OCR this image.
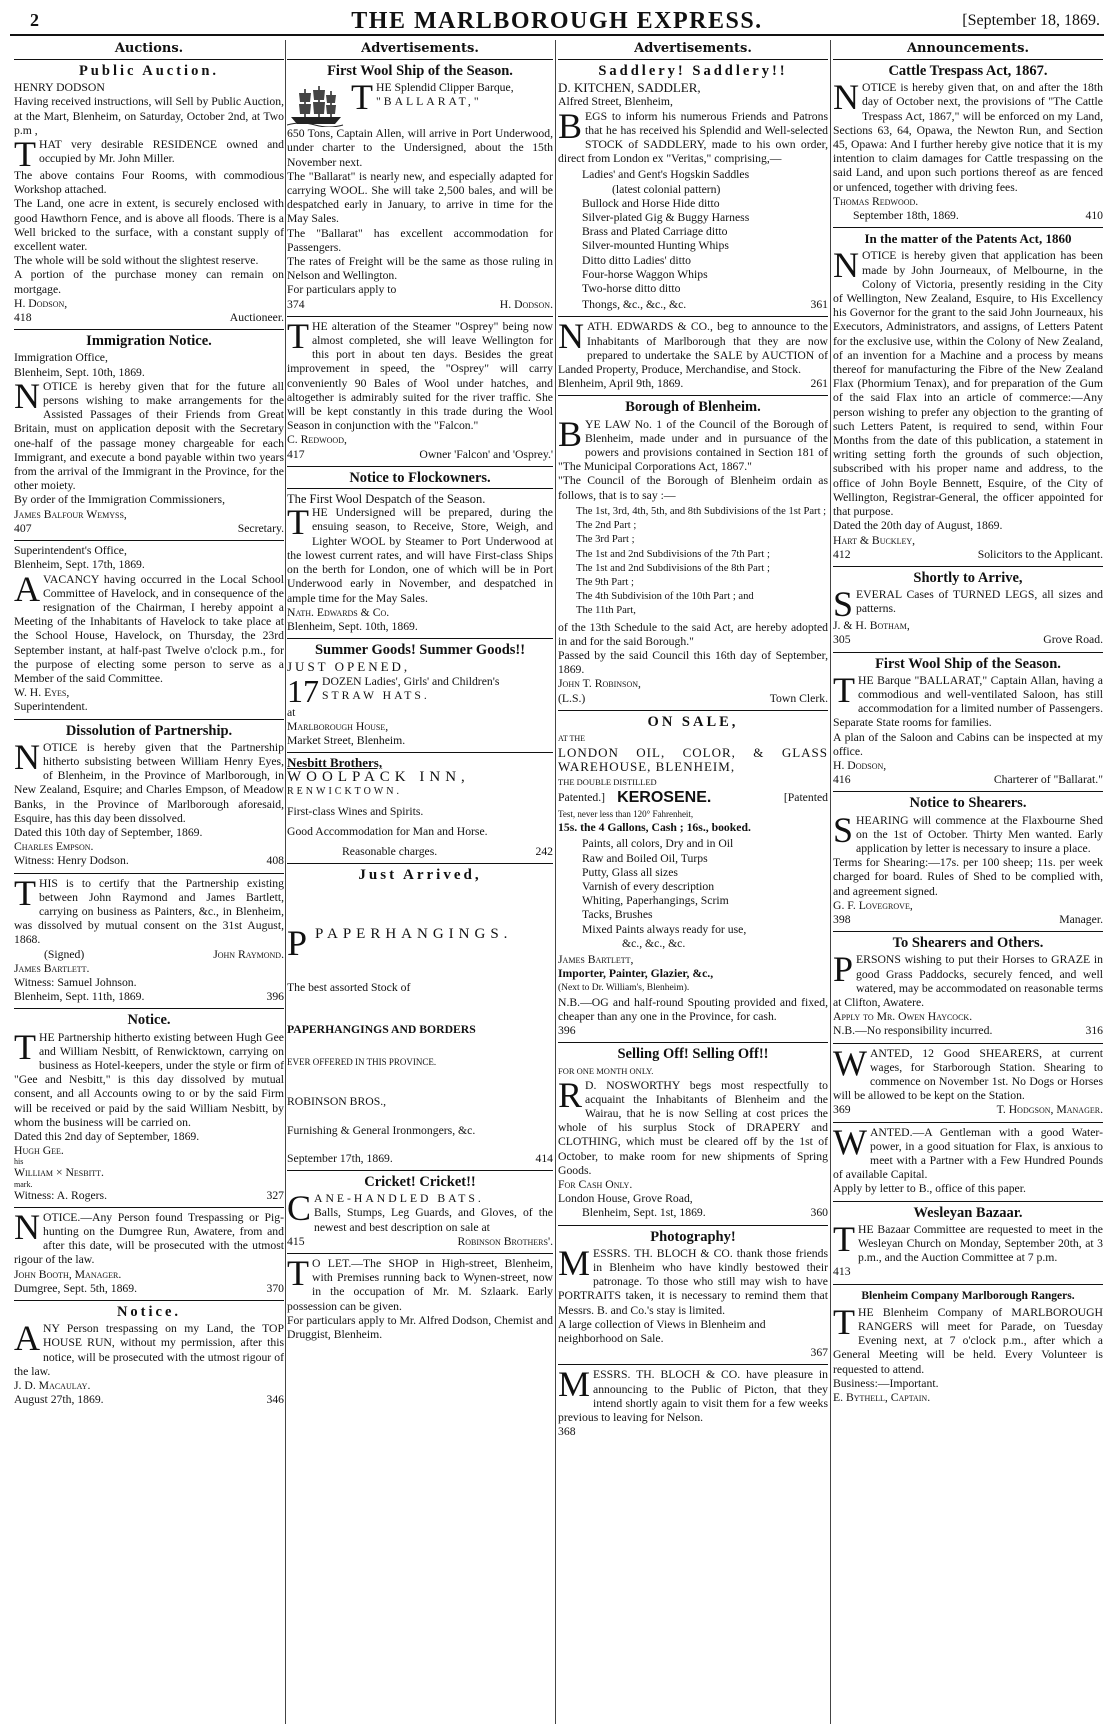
2	THE MARLBOROUGH EXPRESS.	[September 18, 1869.
Auctions.
Public Auction.

HENRY DODSON

Having received instructions, will Sell by Public Auction, at the Mart, Blenheim, on Saturday, October 2nd, at Two p.m ,

THAT very desirable RESIDENCE owned and occupied by Mr. John Miller.

The above contains Four Rooms, with commodious Workshop attached.

The Land, one acre in extent, is securely enclosed with good Hawthorn Fence, and is above all floods. There is a Well bricked to the surface, with a constant supply of excellent water.

The whole will be sold without the slightest reserve.

A portion of the purchase money can remain on mortgage.

H. Dodson,

418	Auctioneer.
Immigration Notice.

Immigration Office,

Blenheim, Sept. 10th, 1869.

NOTICE is hereby given that for the future all persons wishing to make arrangements for the Assisted Passages of their Friends from Great Britain, must on application deposit with the Secretary one-half of the passage money chargeable for each Immigrant, and execute a bond payable within two years from the arrival of the Immigrant in the Province, for the other moiety.

By order of the Immigration Commissioners,

James Balfour Wemyss,

407	Secretary.

Superintendent's Office,

Blenheim, Sept. 17th, 1869.

AVACANCY having occurred in the Local School Committee of Havelock, and in consequence of the resignation of the Chairman, I hereby appoint a Meeting of the Inhabitants of Havelock to take place at the School House, Havelock, on Thursday, the 23rd September instant, at half-past Twelve o'clock p.m., for the purpose of electing some person to serve as a Member of the said Committee.

W. H. Eyes,

Superintendent.

Dissolution of Partnership.

NOTICE is hereby given that the Partnership hitherto subsisting between William Henry Eyes, of Blenheim, in the Province of Marlborough, in New Zealand, Esquire; and Charles Empson, of Meadow Banks, in the Province of Marlborough aforesaid, Esquire, has this day been dissolved.

Dated this 10th day of September, 1869.

Charles Empson.

Witness: Henry Dodson.	408

THIS is to certify that the Partnership existing between John Raymond and James Bartlett, carrying on business as Painters, &c., in Blenheim, was dissolved by mutual consent on the 31st August, 1868.

(Signed)	John Raymond.

James Bartlett.

Witness: Samuel Johnson.

Blenheim, Sept. 11th, 1869.	396
Notice.

THE Partnership hitherto existing between Hugh Gee and William Nesbitt, of Renwicktown, carrying on business as Hotel-keepers, under the style or firm of "Gee and Nesbitt," is this day dissolved by mutual consent, and all Accounts owing to or by the said Firm will be received or paid by the said William Nesbitt, by whom the business will be carried on.

Dated this 2nd day of September, 1869.

Hugh Gee.

his

William × Nesbitt.

mark.

Witness: A. Rogers.	327

NOTICE.—Any Person found Trespassing or Pig-hunting on the Dumgree Run, Awatere, from and after this date, will be prosecuted with the utmost rigour of the law.

John Booth, Manager.

Dumgree, Sept. 5th, 1869.	370
Notice.

ANY Person trespassing on my Land, the TOP HOUSE RUN, without my permission, after this notice, will be prosecuted with the utmost rigour of the law.

J. D. Macaulay.

August 27th, 1869.	346
Advertisements.
First Wool Ship of the Season.

THE Splendid Clipper Barque,

"BALLARAT,"

650 Tons, Captain Allen, will arrive in Port Underwood, under charter to the Undersigned, about the 15th November next.

The "Ballarat" is nearly new, and especially adapted for carrying WOOL. She will take 2,500 bales, and will be despatched early in January, to arrive in time for the May Sales.

The "Ballarat" has excellent accommodation for Passengers.

The rates of Freight will be the same as those ruling in Nelson and Wellington.

For particulars apply to

374	H. Dodson.

THE alteration of the Steamer "Osprey" being now almost completed, she will leave Wellington for this port in about ten days. Besides the great improvement in speed, the "Osprey" will carry conveniently 90 Bales of Wool under hatches, and altogether is admirably suited for the river traffic. She will be kept constantly in this trade during the Wool Season in conjunction with the "Falcon."

C. Redwood,

417	Owner 'Falcon' and 'Osprey.'
Notice to Flockowners.

The First Wool Despatch of the Season.

THE Undersigned will be prepared, during the ensuing season, to Receive, Store, Weigh, and Lighter WOOL by Steamer to Port Underwood at the lowest current rates, and will have First-class Ships on the berth for London, one of which will be in Port Underwood early in November, and despatched in ample time for the May Sales.

Nath. Edwards & Co.

Blenheim, Sept. 10th, 1869.

Summer Goods! Summer Goods!!

JUST OPENED,

17 DOZEN Ladies', Girls' and Children's

STRAW HATS.

at

Marlborough House,

Market Street, Blenheim.

Nesbitt Brothers,

WOOLPACK INN,

RENWICKTOWN.

First-class Wines and Spirits.

Good Accommodation for Man and Horse.

Reasonable charges.	242
Just Arrived,

PPAPERHANGINGS.

The best assorted Stock of

PAPERHANGINGS AND BORDERS

EVER OFFERED IN THIS PROVINCE.

ROBINSON BROS.,

Furnishing & General Ironmongers, &c.

September 17th, 1869.	414
Cricket! Cricket!!

CANE-HANDLED BATS.

Balls, Stumps, Leg Guards, and Gloves, of the newest and best description on sale at

415	Robinson Brothers'.

T O LET.—The SHOP in High-street, Blenheim, with Premises running back to Wynen-street, now in the occupation of Mr. M. Szlaark. Early possession can be given.

For particulars apply to Mr. Alfred Dodson, Chemist and Druggist, Blenheim.

Advertisements.
Saddlery! Saddlery!!

D. KITCHEN, SADDLER,

Alfred Street, Blenheim,

BEGS to inform his numerous Friends and Patrons that he has received his Splendid and Well-selected STOCK of SADDLERY, made to his own order, direct from London ex "Veritas," comprising,—

Ladies' and Gent's Hogskin Saddles
(latest colonial pattern)
Bullock and Horse Hide ditto
Silver-plated Gig & Buggy Harness
Brass and Plated Carriage ditto
Silver-mounted Hunting Whips
Ditto ditto Ladies' ditto
Four-horse Waggon Whips
Two-horse ditto ditto
Thongs, &c., &c., &c.	361

NATH. EDWARDS & CO., beg to announce to the Inhabitants of Marlborough that they are now prepared to undertake the SALE by AUCTION of Landed Property, Produce, Merchandise, and Stock.

Blenheim, April 9th, 1869.	261
Borough of Blenheim.

BYE LAW No. 1 of the Council of the Borough of Blenheim, made under and in pursuance of the powers and provisions contained in Section 181 of "The Municipal Corporations Act, 1867."

"The Council of the Borough of Blenheim ordain as follows, that is to say :—

The 1st, 3rd, 4th, 5th, and 8th Subdivisions of the 1st Part ;
The 2nd Part ;
The 3rd Part ;
The 1st and 2nd Subdivisions of the 7th Part ;
The 1st and 2nd Subdivisions of the 8th Part ;
The 9th Part ;
The 4th Subdivision of the 10th Part ; and
The 11th Part,

of the 13th Schedule to the said Act, are hereby adopted in and for the said Borough."

Passed by the said Council this 16th day of September, 1869.

John T. Robinson,

(L.S.)	Town Clerk.
ON SALE,

AT THE

LONDON OIL, COLOR, & GLASS WAREHOUSE, BLENHEIM,

THE DOUBLE DISTILLED

Patented.] KEROSENE.	[Patented

Test, never less than 120° Fahrenheit,

15s. the 4 Gallons, Cash ; 16s., booked.

Paints, all colors, Dry and in Oil
Raw and Boiled Oil, Turps
Putty, Glass all sizes
Varnish of every description
Whiting, Paperhangings, Scrim
Tacks, Brushes
Mixed Paints always ready for use,
&c., &c., &c.

James Bartlett,

Importer, Painter, Glazier, &c.,

(Next to Dr. William's, Blenheim).

N.B.—OG and half-round Spouting provided and fixed, cheaper than any one in the Province, for cash.

396

Selling Off! Selling Off!!

FOR ONE MONTH ONLY.

R D. NOSWORTHY begs most respectfully to acquaint the Inhabitants of Blenheim and the Wairau, that he is now Selling at cost prices the whole of his surplus Stock of DRAPERY and CLOTHING, which must be cleared off by the 1st of October, to make room for new shipments of Spring Goods.

For Cash Only.

London House, Grove Road,

Blenheim, Sept. 1st, 1869.	360
Photography!

MESSRS. TH. BLOCH & CO. thank those friends in Blenheim who have kindly bestowed their patronage. To those who still may wish to have PORTRAITS taken, it is necessary to remind them that Messrs. B. and Co.'s stay is limited.

A large collection of Views in Blenheim and neighborhood on Sale.
367

MESSRS. TH. BLOCH & CO. have pleasure in announcing to the Public of Picton, that they intend shortly again to visit them for a few weeks previous to leaving for Nelson.

368

Announcements.
Cattle Trespass Act, 1867.

NOTICE is hereby given that, on and after the 18th day of October next, the provisions of "The Cattle Trespass Act, 1867," will be enforced on my Land, Sections 63, 64, Opawa, the Newton Run, and Section 45, Opawa: And I further hereby give notice that it is my intention to claim damages for Cattle trespassing on the said Land, and upon such portions thereof as are fenced or unfenced, together with driving fees.

Thomas Redwood.

September 18th, 1869.	410
In the matter of the Patents Act, 1860

NOTICE is hereby given that application has been made by John Journeaux, of Melbourne, in the Colony of Victoria, presently residing in the City of Wellington, New Zealand, Esquire, to His Excellency his Governor for the grant to the said John Journeaux, his Executors, Administrators, and assigns, of Letters Patent for the exclusive use, within the Colony of New Zealand, of an invention for a Machine and a process by means thereof for manufacturing the Fibre of the New Zealand Flax (Phormium Tenax), and for preparation of the Gum of the said Flax into an article of commerce:—Any person wishing to prefer any objection to the granting of such Letters Patent, is required to send, within Four Months from the date of this publication, a statement in writing setting forth the grounds of such objection, subscribed with his proper name and address, to the office of John Boyle Bennett, Esquire, of the City of Wellington, Registrar-General, the officer appointed for that purpose.

Dated the 20th day of August, 1869.

Hart & Buckley,

412	Solicitors to the Applicant.
Shortly to Arrive,

SEVERAL Cases of TURNED LEGS, all sizes and patterns.

J. & H. Botham,

305	Grove Road.
First Wool Ship of the Season.

THE Barque "BALLARAT," Captain Allan, having a commodious and well-ventilated Saloon, has still accommodation for a limited number of Passengers. Separate State rooms for families.

A plan of the Saloon and Cabins can be inspected at my office.

H. Dodson,

416	Charterer of "Ballarat."
Notice to Shearers.

SHEARING will commence at the Flaxbourne Shed on the 1st of October. Thirty Men wanted. Early application by letter is necessary to insure a place.

Terms for Shearing:—17s. per 100 sheep; 11s. per week charged for board. Rules of Shed to be complied with, and agreement signed.

G. F. Lovegrove,

398	Manager.
To Shearers and Others.

PERSONS wishing to put their Horses to GRAZE in good Grass Paddocks, securely fenced, and well watered, may be accommodated on reasonable terms at Clifton, Awatere.

Apply to Mr. Owen Haycock.

N.B.—No responsibility incurred.	316

WANTED, 12 Good SHEARERS, at current wages, for Starborough Station. Shearing to commence on November 1st. No Dogs or Horses will be allowed to be kept on the Station.

369	T. Hodgson, Manager.

WANTED.—A Gentleman with a good Water-power, in a good situation for Flax, is anxious to meet with a Partner with a Few Hundred Pounds of available Capital.

Apply by letter to B., office of this paper.

Wesleyan Bazaar.

THE Bazaar Committee are requested to meet in the Wesleyan Church on Monday, September 20th, at 3 p.m., and the Auction Committee at 7 p.m.

413

Blenheim Company Marlborough Rangers.

THE Blenheim Company of MARLBOROUGH RANGERS will meet for Parade, on Tuesday Evening next, at 7 o'clock p.m., after which a General Meeting will be held. Every Volunteer is requested to attend.

Business:—Important.

E. Bythell, Captain.
